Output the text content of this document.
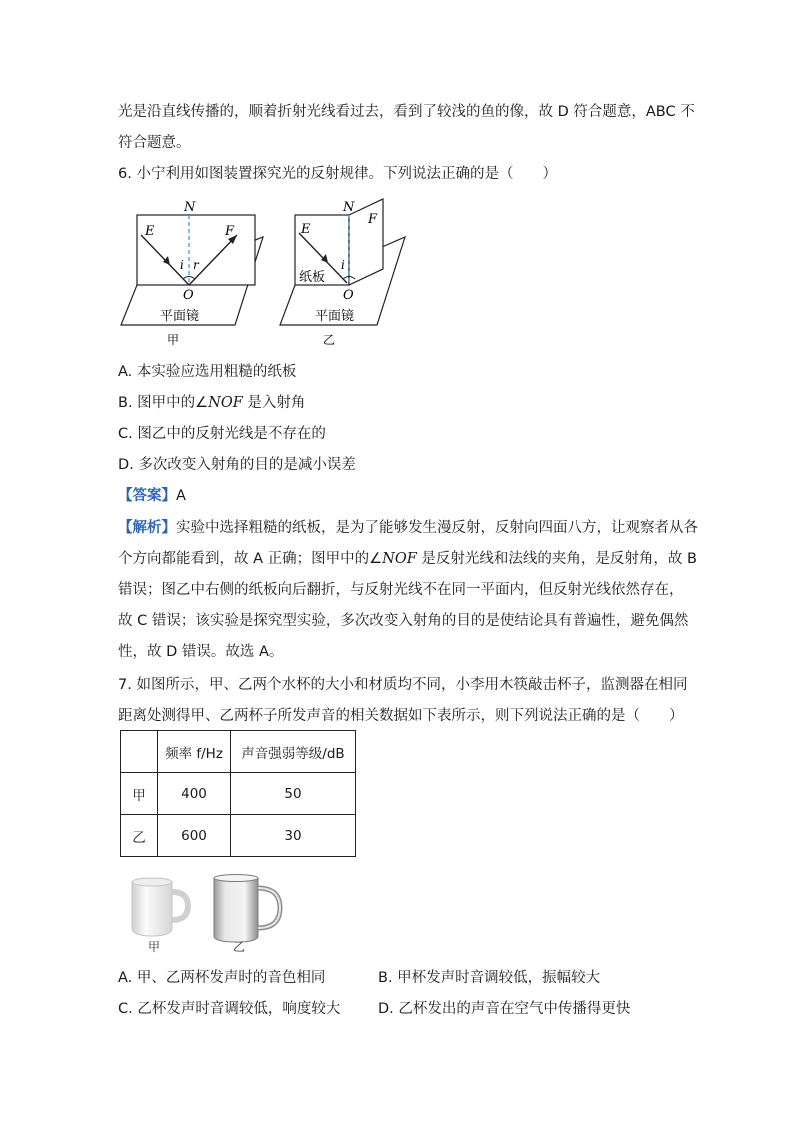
光是沿直线传播的，顺着折射光线看过去，看到了较浅的鱼的像，故 D 符合题意，ABC 不
符合题意。
6. 小宁利用如图装置探究光的反射规律。下列说法正确的是（　　）
N
E	F
i r
O
平面镜
甲
N
E
F
i
纸板
O
平面镜
乙
A. 本实验应选用粗糙的纸板
B. 图甲中的∠NOF 是入射角
C. 图乙中的反射光线是不存在的
D. 多次改变入射角的目的是减小误差
【答案】A
【解析】实验中选择粗糙的纸板，是为了能够发生漫反射，反射向四面八方，让观察者从各
个方向都能看到，故 A 正确；图甲中的∠NOF 是反射光线和法线的夹角，是反射角，故 B
错误；图乙中右侧的纸板向后翻折，与反射光线不在同一平面内，但反射光线依然存在，
故 C 错误；该实验是探究型实验，多次改变入射角的目的是使结论具有普遍性，避免偶然
性，故 D 错误。故选 A。
7. 如图所示，甲、乙两个水杯的大小和材质均不同，小李用木筷敲击杯子，监测器在相同
距离处测得甲、乙两杯子所发声音的相关数据如下表所示，则下列说法正确的是（　　）
	频率 f/Hz	声音强弱等级/dB
甲	400	50
乙	600	30
甲	乙
A. 甲、乙两杯发声时的音色相同	B. 甲杯发声时音调较低，振幅较大
C. 乙杯发声时音调较低，响度较大	D. 乙杯发出的声音在空气中传播得更快
